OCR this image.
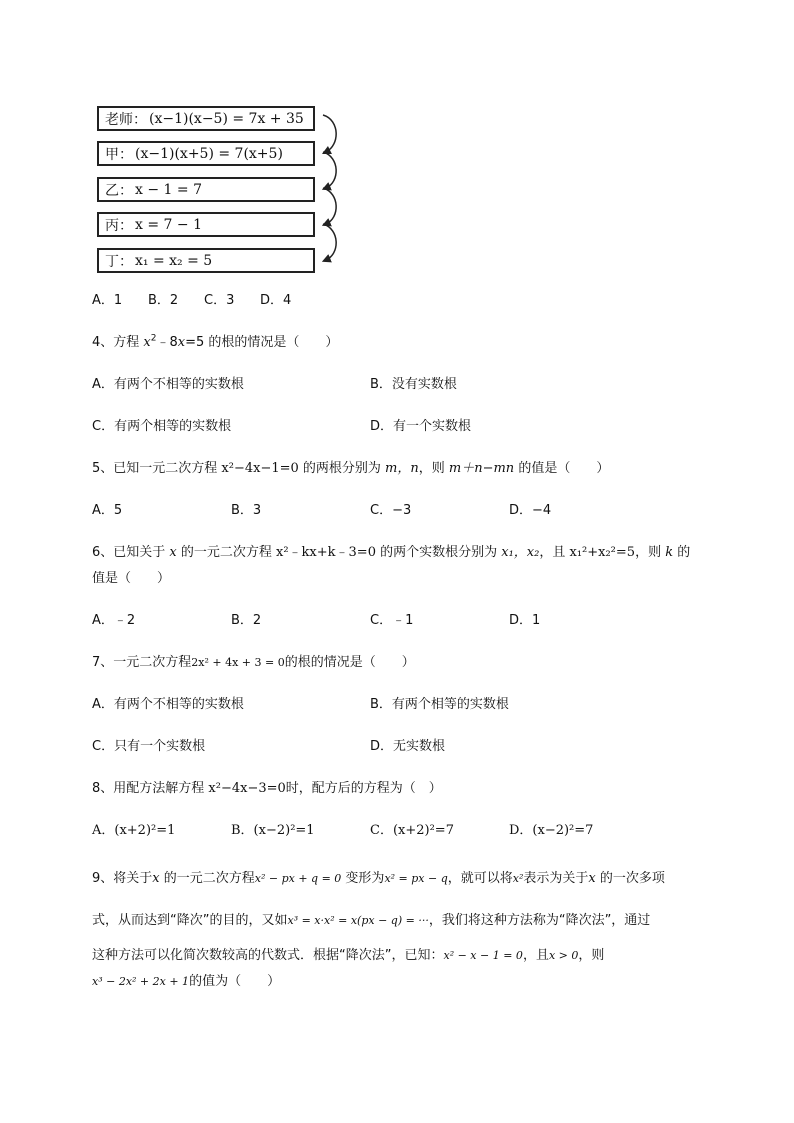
老师： (x−1)(x−5) = 7x + 35
甲： (x−1)(x+5) = 7(x+5)
乙： x − 1 = 7
丙： x = 7 − 1
丁： x₁ = x₂ = 5
A．1 B．2 C．3 D．4
4、方程 $x^2﹣8x=5$ 的根的情况是（　　）
A．有两个不相等的实数根	B．没有实数根
C．有两个相等的实数根	D．有一个实数根
5、已知一元二次方程 x²−4x−1=0 的两根分别为 m，n，则 m＋n−mn 的值是（　　）
A．5	B．3	C．−3	D．−4
6、已知关于 x 的一元二次方程 x²﹣kx+k﹣3=0 的两个实数根分别为 x₁，x₂，且 x₁²+x₂²=5，则 k 的
值是（　　）
A．﹣2	B．2	C．﹣1	D．1
7、一元二次方程2x² + 4x + 3 = 0的根的情况是（　　）
A．有两个不相等的实数根	B．有两个相等的实数根
C．只有一个实数根	D．无实数根
8、用配方法解方程 x²−4x−3=0时，配方后的方程为（　）
A．(x+2)²=1	B．(x−2)²=1	C．(x+2)²=7	D．(x−2)²=7
9、将关于x 的一元二次方程x² − px + q = 0 变形为x² = px − q，就可以将x²表示为关于x 的一次多项
式，从而达到“降次”的目的，又如x³ = x·x² = x(px − q) = ···，我们将这种方法称为“降次法”，通过
这种方法可以化简次数较高的代数式．根据“降次法”，已知：x² − x − 1 = 0，且x > 0，则
x³ − 2x² + 2x + 1的值为（　　）
